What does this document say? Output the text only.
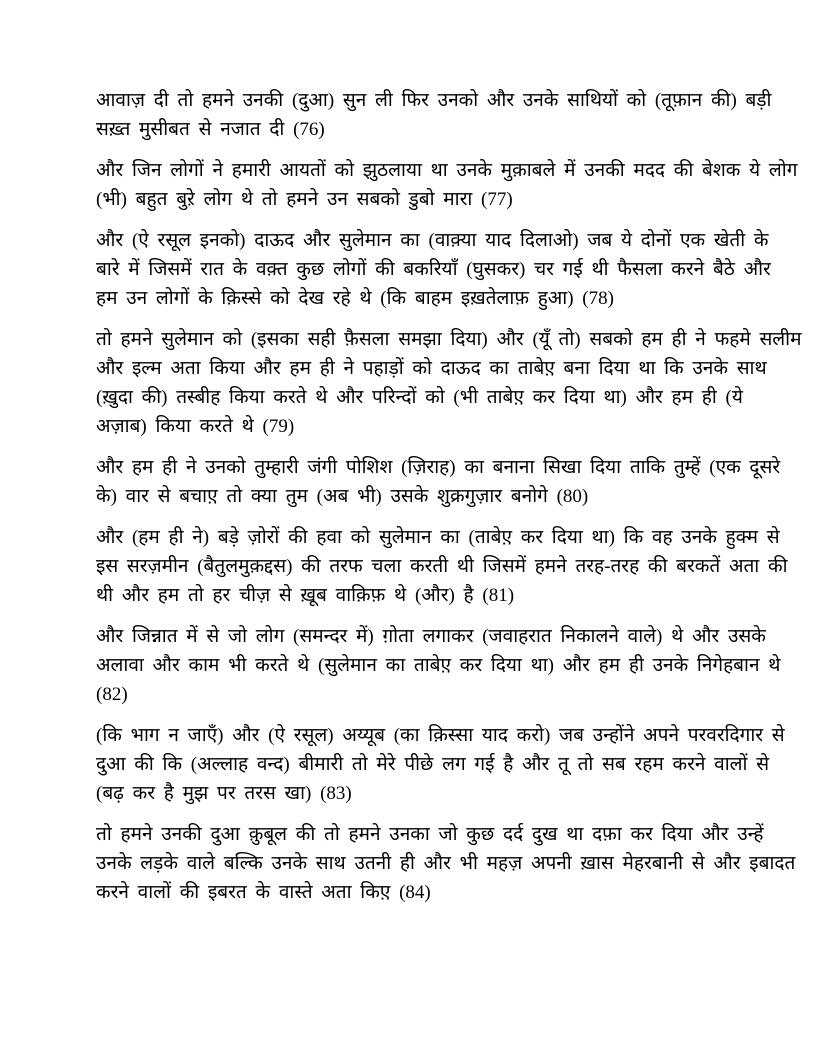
आवाज़ दी तो हमने उनकी (दुआ) सुन ली फिर उनको और उनके साथियों को (तूफ़ान की) बड़ी
सख़्त मुसीबत से नजात दी (76)
और जिन लोगों ने हमारी आयतों को झुठलाया था उनके मुक़ाबले में उनकी मदद की बेशक ये लोग
(भी) बहुत बुरे़ लोग थे तो हमने उन सबको डुबो मारा (77)
और (ऐ रसूल इनको) दाऊद और सुलेमान का (वाक़्या याद दिलाओ) जब ये दोनों एक खेती के
बारे में जिसमें रात के वक़्त कुछ लोगों की बकरियाँ (घुसकर) चर गई थी फैसला करने बैठे और
हम उन लोगों के क़िस्से को देख रहे थे (कि बाहम इख़तेलाफ़ हुआ) (78)
तो हमने सुलेमान को (इसका सही फ़ैसला समझा दिया) और (यूँ तो) सबको हम ही ने फहमे सलीम
और इल्म अता किया और हम ही ने पहाड़ों को दाऊद का ताबेए़ बना दिया था कि उनके साथ
(ख़ुदा की) तस्बीह किया करते थे और परिन्दों को (भी ताबेए़ कर दिया था) और हम ही (ये
अज़ाब) किया करते थे (79)
और हम ही ने उनको तुम्हारी जंगी पोशिश (ज़िराह) का बनाना सिखा दिया ताकि तुम्हें (एक दूसरे
के) वार से बचाए़ तो क्या तुम (अब भी) उसके शुक्रगुज़ार बनोगे (80)
और (हम ही ने) बडे़ ज़ोरों की हवा को सुलेमान का (ताबेए़ कर दिया था) कि वह उनके हुक्म से
इस सरज़मीन (बैतुलमुक़द्दस) की तरफ चला करती थी जिसमें हमने तरह-तरह की बरकतें अता की
थी और हम तो हर चीज़ से ख़ूब वाक़िफ़ थे (और) है (81)
और जिन्नात में से जो लोग (समन्दर में) ग़ोता लगाकर (जवाहरात निकालने वाले) थे और उसके
अलावा और काम भी करते थे (सुलेमान का ताबेए़ कर दिया था) और हम ही उनके निगेहबान थे
(82)
(कि भाग न जाएँ) और (ऐ रसूल) अय्यूब (का क़िस्सा याद करो) जब उन्होंने अपने परवरदिगार से
दुआ की कि (अल्लाह वन्द) बीमारी तो मेरे पीछे लग गई है और तू तो सब रहम करने वालों से
(बढ़ कर है मुझ पर तरस खा) (83)
तो हमने उनकी दुआ क़ुबूल की तो हमने उनका जो कुछ दर्द दुख था दफ़ा कर दिया और उन्हें
उनके लड़के वाले बल्कि उनके साथ उतनी ही और भी महज़ अपनी ख़ास मेहरबानी से और इबादत
करने वालों की इबरत के वास्ते अता किए़ (84)
